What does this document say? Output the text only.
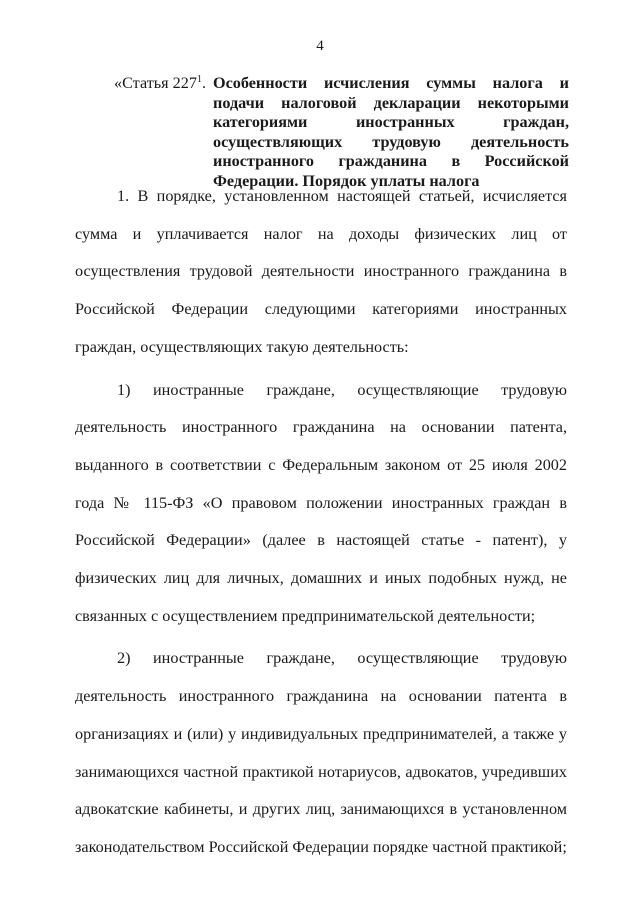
4
«Статья $227^1$. Особенности исчисления суммы налога и подачи налоговой декларации некоторыми категориями иностранных граждан, осуществляющих трудовую деятельность иностранного гражданина в Российской Федерации. Порядок уплаты налога

1. В порядке, установленном настоящей статьей, исчисляется сумма и уплачивается налог на доходы физических лиц от осуществления трудовой деятельности иностранного гражданина в Российской Федерации следующими категориями иностранных граждан, осуществляющих такую деятельность:

1) иностранные граждане, осуществляющие трудовую деятельность иностранного гражданина на основании патента, выданного в соответствии с Федеральным законом от 25 июля 2002 года № 115-ФЗ «О правовом положении иностранных граждан в Российской Федерации» (далее в настоящей статье - патент), у физических лиц для личных, домашних и иных подобных нужд, не связанных с осуществлением предпринимательской деятельности;

2) иностранные граждане, осуществляющие трудовую деятельность иностранного гражданина на основании патента в организациях и (или) у индивидуальных предпринимателей, а также у занимающихся частной практикой нотариусов, адвокатов, учредивших адвокатские кабинеты, и других лиц, занимающихся в установленном законодательством Российской Федерации порядке частной практикой;
